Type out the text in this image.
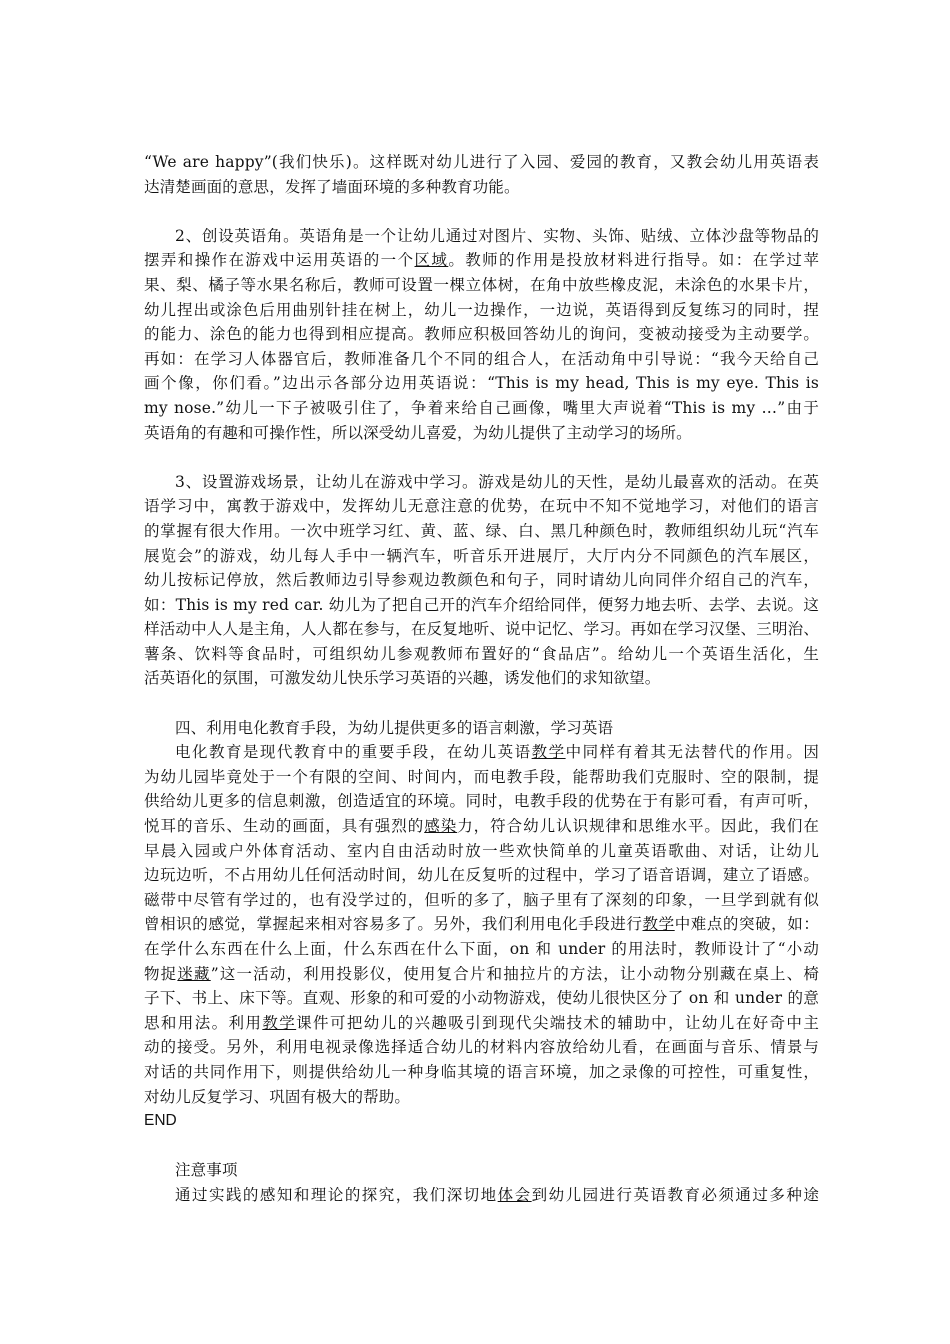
“We are happy”(我们快乐)。这样既对幼儿进行了入园、爱园的教育，又教会幼儿用英语表
达清楚画面的意思，发挥了墙面环境的多种教育功能。
2、创设英语角。英语角是一个让幼儿通过对图片、实物、头饰、贴绒、立体沙盘等物品的
摆弄和操作在游戏中运用英语的一个区域。教师的作用是投放材料进行指导。如：在学过苹
果、梨、橘子等水果名称后，教师可设置一棵立体树，在角中放些橡皮泥，未涂色的水果卡片，
幼儿捏出或涂色后用曲别针挂在树上，幼儿一边操作，一边说，英语得到反复练习的同时，捏
的能力、涂色的能力也得到相应提高。教师应积极回答幼儿的询问，变被动接受为主动要学。
再如：在学习人体器官后，教师准备几个不同的组合人，在活动角中引导说：“我今天给自己
画个像，你们看。”边出示各部分边用英语说：“This is my head, This is my eye. This is
my nose.”幼儿一下子被吸引住了，争着来给自己画像，嘴里大声说着“This is my …”由于
英语角的有趣和可操作性，所以深受幼儿喜爱，为幼儿提供了主动学习的场所。
3、设置游戏场景，让幼儿在游戏中学习。游戏是幼儿的天性，是幼儿最喜欢的活动。在英
语学习中，寓教于游戏中，发挥幼儿无意注意的优势，在玩中不知不觉地学习，对他们的语言
的掌握有很大作用。一次中班学习红、黄、蓝、绿、白、黑几种颜色时，教师组织幼儿玩“汽车
展览会”的游戏，幼儿每人手中一辆汽车，听音乐开进展厅，大厅内分不同颜色的汽车展区，
幼儿按标记停放，然后教师边引导参观边教颜色和句子，同时请幼儿向同伴介绍自己的汽车，
如：This is my red car. 幼儿为了把自己开的汽车介绍给同伴，便努力地去听、去学、去说。这
样活动中人人是主角，人人都在参与，在反复地听、说中记忆、学习。再如在学习汉堡、三明治、
薯条、饮料等食品时，可组织幼儿参观教师布置好的“食品店”。给幼儿一个英语生活化，生
活英语化的氛围，可激发幼儿快乐学习英语的兴趣，诱发他们的求知欲望。
四、利用电化教育手段，为幼儿提供更多的语言刺激，学习英语
电化教育是现代教育中的重要手段，在幼儿英语教学中同样有着其无法替代的作用。因
为幼儿园毕竟处于一个有限的空间、时间内，而电教手段，能帮助我们克服时、空的限制，提
供给幼儿更多的信息刺激，创造适宜的环境。同时，电教手段的优势在于有影可看，有声可听，
悦耳的音乐、生动的画面，具有强烈的感染力，符合幼儿认识规律和思维水平。因此，我们在
早晨入园或户外体育活动、室内自由活动时放一些欢快简单的儿童英语歌曲、对话，让幼儿
边玩边听，不占用幼儿任何活动时间，幼儿在反复听的过程中，学习了语音语调，建立了语感。
磁带中尽管有学过的，也有没学过的，但听的多了，脑子里有了深刻的印象，一旦学到就有似
曾相识的感觉，掌握起来相对容易多了。另外，我们利用电化手段进行教学中难点的突破，如：
在学什么东西在什么上面，什么东西在什么下面，on 和 under 的用法时，教师设计了“小动
物捉迷藏”这一活动，利用投影仪，使用复合片和抽拉片的方法，让小动物分别藏在桌上、椅
子下、书上、床下等。直观、形象的和可爱的小动物游戏，使幼儿很快区分了 on 和 under 的意
思和用法。利用教学课件可把幼儿的兴趣吸引到现代尖端技术的辅助中，让幼儿在好奇中主
动的接受。另外，利用电视录像选择适合幼儿的材料内容放给幼儿看，在画面与音乐、情景与
对话的共同作用下，则提供给幼儿一种身临其境的语言环境，加之录像的可控性，可重复性，
对幼儿反复学习、巩固有极大的帮助。
END
注意事项
通过实践的感知和理论的探究，我们深切地体会到幼儿园进行英语教育必须通过多种途
